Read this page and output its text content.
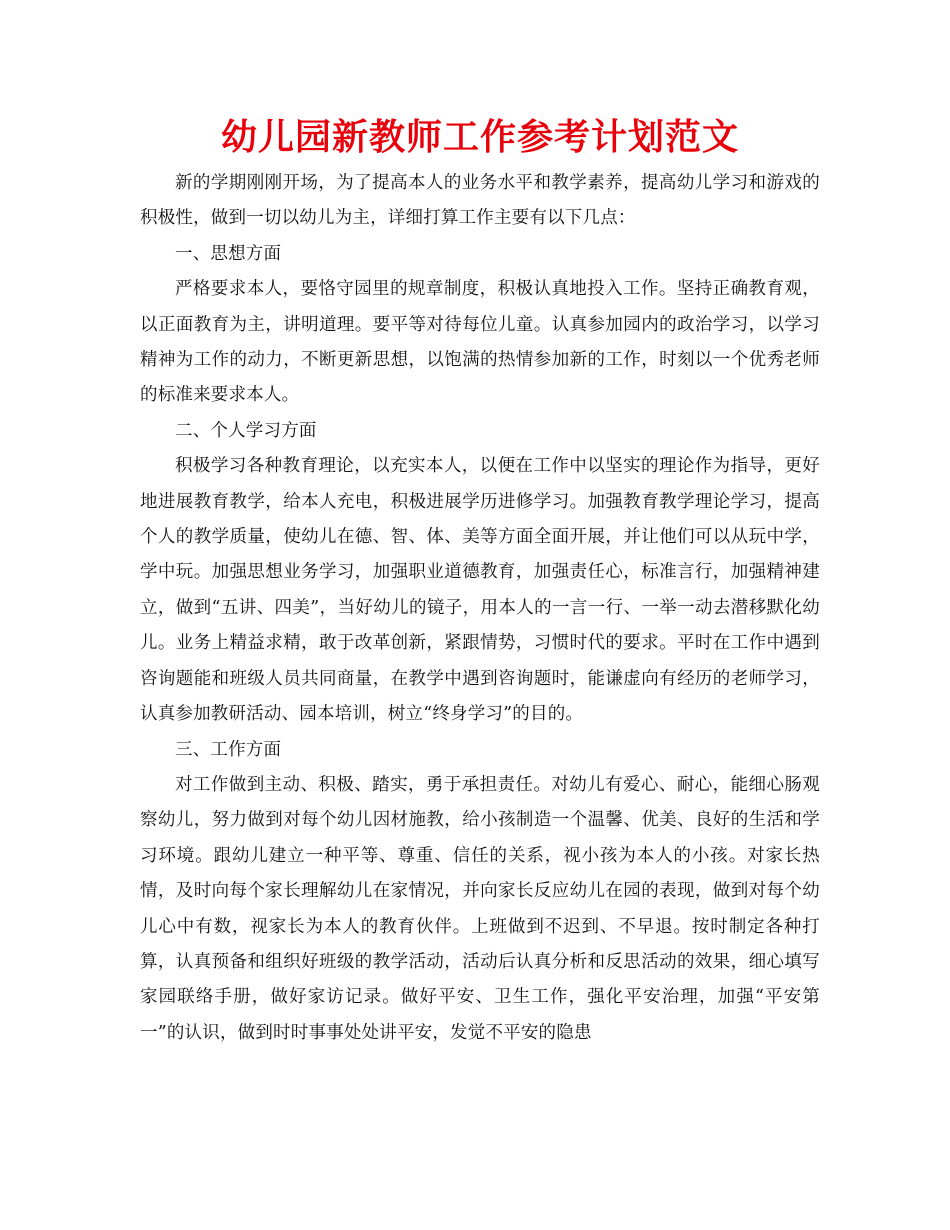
幼儿园新教师工作参考计划范文

新的学期刚刚开场，为了提高本人的业务水平和教学素养，提高幼儿学习和游戏的积极性，做到一切以幼儿为主，详细打算工作主要有以下几点：

一、思想方面

严格要求本人，要恪守园里的规章制度，积极认真地投入工作。坚持正确教育观，以正面教育为主，讲明道理。要平等对待每位儿童。认真参加园内的政治学习，以学习精神为工作的动力，不断更新思想，以饱满的热情参加新的工作，时刻以一个优秀老师的标准来要求本人。

二、个人学习方面

积极学习各种教育理论，以充实本人，以便在工作中以坚实的理论作为指导，更好地进展教育教学，给本人充电，积极进展学历进修学习。加强教育教学理论学习，提高个人的教学质量，使幼儿在德、智、体、美等方面全面开展，并让他们可以从玩中学，学中玩。加强思想业务学习，加强职业道德教育，加强责任心，标准言行，加强精神建立，做到“五讲、四美”，当好幼儿的镜子，用本人的一言一行、一举一动去潜移默化幼儿。业务上精益求精，敢于改革创新，紧跟情势，习惯时代的要求。平时在工作中遇到咨询题能和班级人员共同商量，在教学中遇到咨询题时，能谦虚向有经历的老师学习，认真参加教研活动、园本培训，树立“终身学习”的目的。

三、工作方面

对工作做到主动、积极、踏实，勇于承担责任。对幼儿有爱心、耐心，能细心肠观察幼儿，努力做到对每个幼儿因材施教，给小孩制造一个温馨、优美、良好的生活和学习环境。跟幼儿建立一种平等、尊重、信任的关系，视小孩为本人的小孩。对家长热情，及时向每个家长理解幼儿在家情况，并向家长反应幼儿在园的表现，做到对每个幼儿心中有数，视家长为本人的教育伙伴。上班做到不迟到、不早退。按时制定各种打算，认真预备和组织好班级的教学活动，活动后认真分析和反思活动的效果，细心填写家园联络手册，做好家访记录。做好平安、卫生工作，强化平安治理，加强“平安第一”的认识，做到时时事事处处讲平安，发觉不平安的隐患
